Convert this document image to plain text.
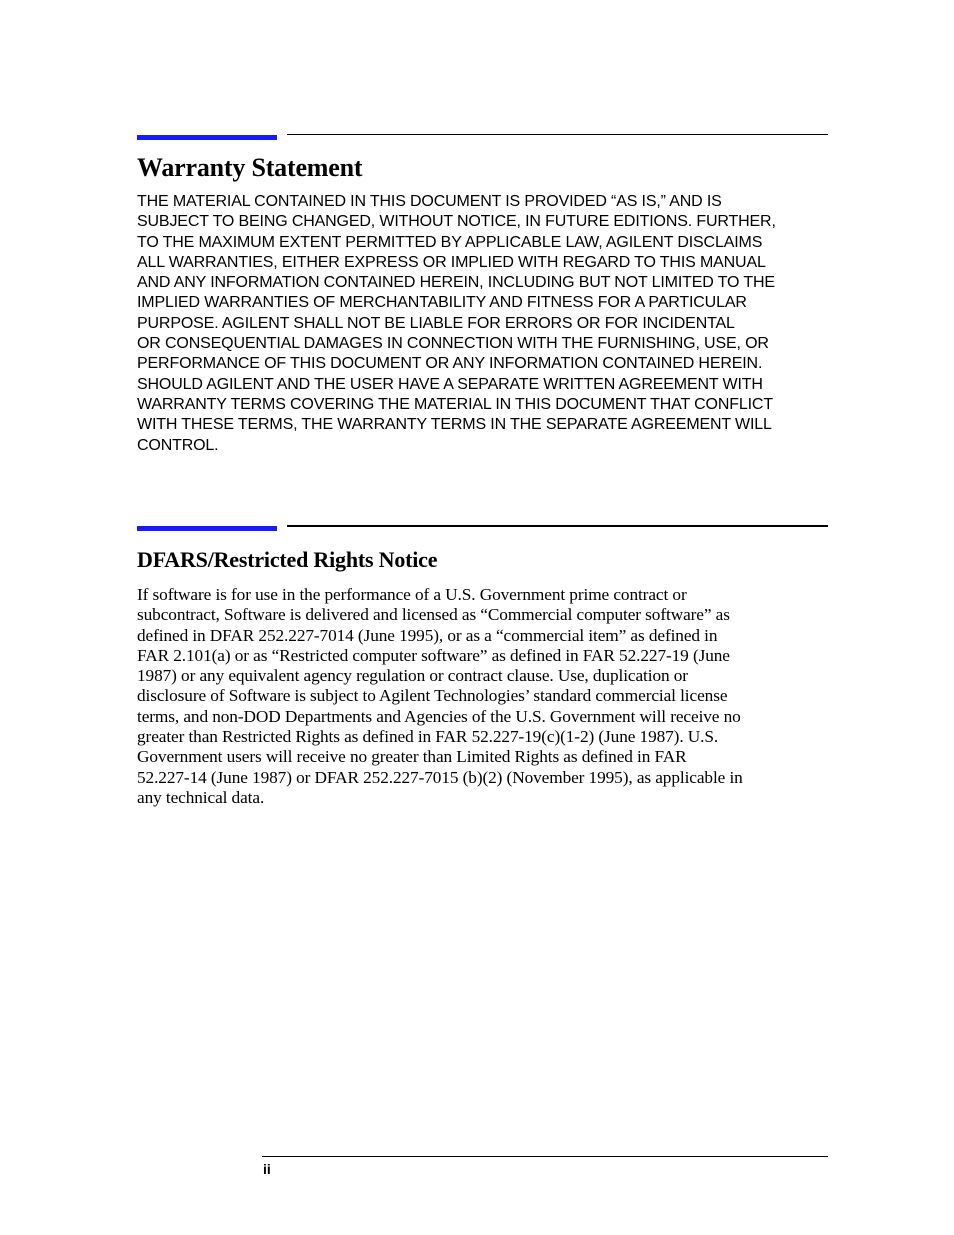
Warranty Statement
THE MATERIAL CONTAINED IN THIS DOCUMENT IS PROVIDED “AS IS,” AND IS
SUBJECT TO BEING CHANGED, WITHOUT NOTICE, IN FUTURE EDITIONS. FURTHER,
TO THE MAXIMUM EXTENT PERMITTED BY APPLICABLE LAW, AGILENT DISCLAIMS
ALL WARRANTIES, EITHER EXPRESS OR IMPLIED WITH REGARD TO THIS MANUAL
AND ANY INFORMATION CONTAINED HEREIN, INCLUDING BUT NOT LIMITED TO THE
IMPLIED WARRANTIES OF MERCHANTABILITY AND FITNESS FOR A PARTICULAR
PURPOSE. AGILENT SHALL NOT BE LIABLE FOR ERRORS OR FOR INCIDENTAL
OR CONSEQUENTIAL DAMAGES IN CONNECTION WITH THE FURNISHING, USE, OR
PERFORMANCE OF THIS DOCUMENT OR ANY INFORMATION CONTAINED HEREIN.
SHOULD AGILENT AND THE USER HAVE A SEPARATE WRITTEN AGREEMENT WITH
WARRANTY TERMS COVERING THE MATERIAL IN THIS DOCUMENT THAT CONFLICT
WITH THESE TERMS, THE WARRANTY TERMS IN THE SEPARATE AGREEMENT WILL
CONTROL.
DFARS/Restricted Rights Notice
If software is for use in the performance of a U.S. Government prime contract or
subcontract, Software is delivered and licensed as “Commercial computer software” as
defined in DFAR 252.227-7014 (June 1995), or as a “commercial item” as defined in
FAR 2.101(a) or as “Restricted computer software” as defined in FAR 52.227-19 (June
1987) or any equivalent agency regulation or contract clause. Use, duplication or
disclosure of Software is subject to Agilent Technologies’ standard commercial license
terms, and non-DOD Departments and Agencies of the U.S. Government will receive no
greater than Restricted Rights as defined in FAR 52.227-19(c)(1-2) (June 1987). U.S.
Government users will receive no greater than Limited Rights as defined in FAR
52.227-14 (June 1987) or DFAR 252.227-7015 (b)(2) (November 1995), as applicable in
any technical data.
ii
